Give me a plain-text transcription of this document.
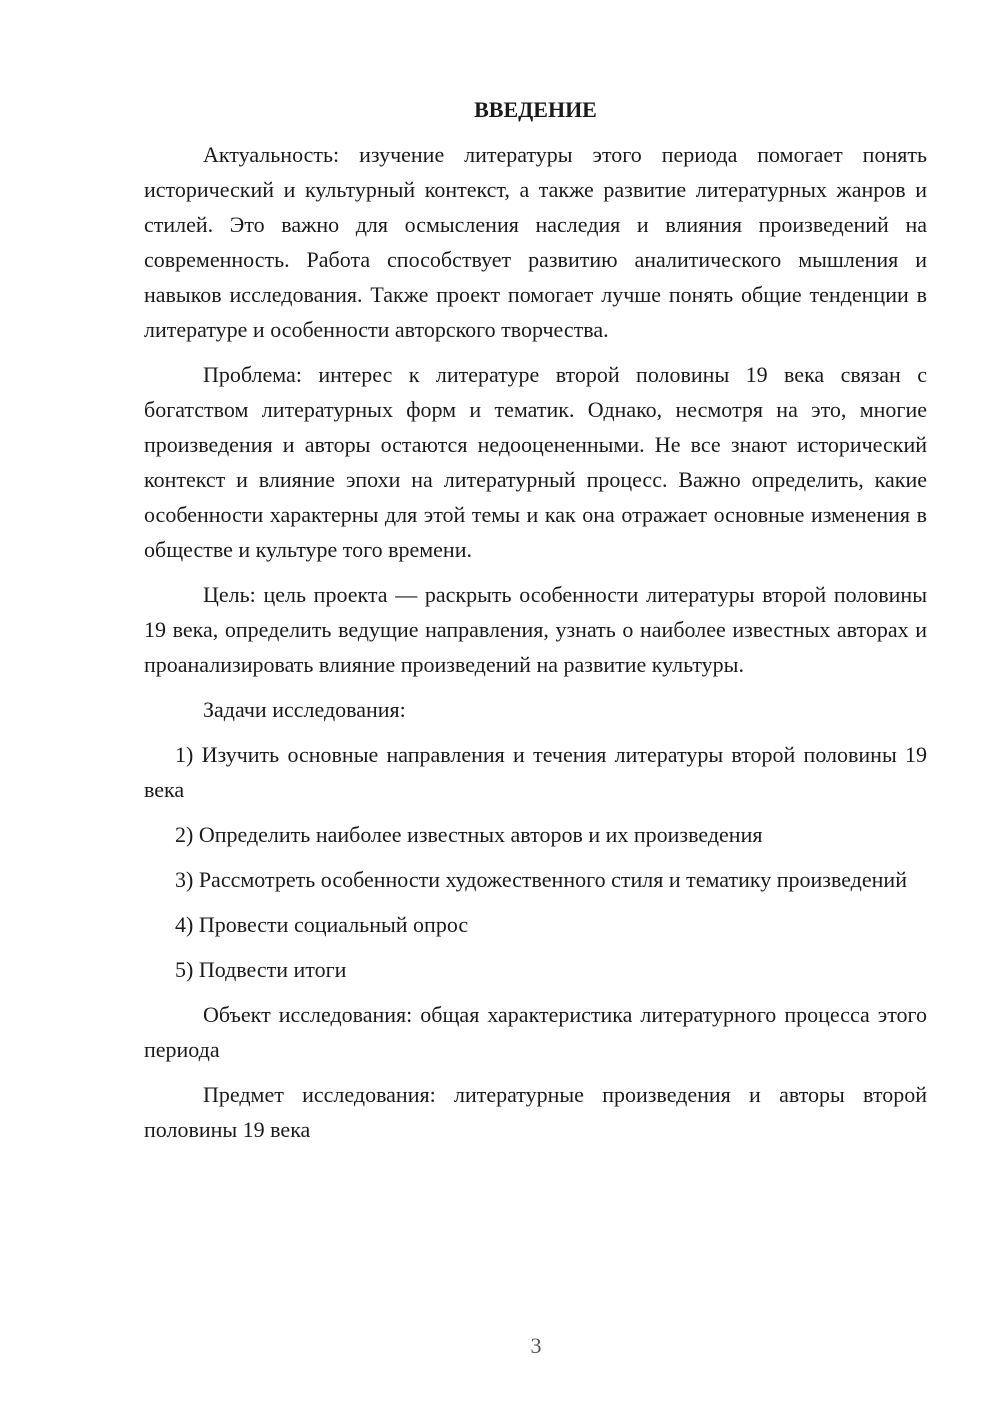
ВВЕДЕНИЕ

Актуальность: изучение литературы этого периода помогает понять исторический и культурный контекст, а также развитие литературных жанров и стилей. Это важно для осмысления наследия и влияния произведений на современность. Работа способствует развитию аналитического мышления и навыков исследования. Также проект помогает лучше понять общие тенденции в литературе и особенности авторского творчества.

Проблема: интерес к литературе второй половины 19 века связан с богатством литературных форм и тематик. Однако, несмотря на это, многие произведения и авторы остаются недооцененными. Не все знают исторический контекст и влияние эпохи на литературный процесс. Важно определить, какие особенности характерны для этой темы и как она отражает основные изменения в обществе и культуре того времени.

Цель: цель проекта — раскрыть особенности литературы второй половины 19 века, определить ведущие направления, узнать о наиболее известных авторах и проанализировать влияние произведений на развитие культуры.

Задачи исследования:

1) Изучить основные направления и течения литературы второй половины 19 века

2) Определить наиболее известных авторов и их произведения

3) Рассмотреть особенности художественного стиля и тематику произведений

4) Провести социальный опрос

5) Подвести итоги

Объект исследования: общая характеристика литературного процесса этого периода

Предмет исследования: литературные произведения и авторы второй половины 19 века

3
